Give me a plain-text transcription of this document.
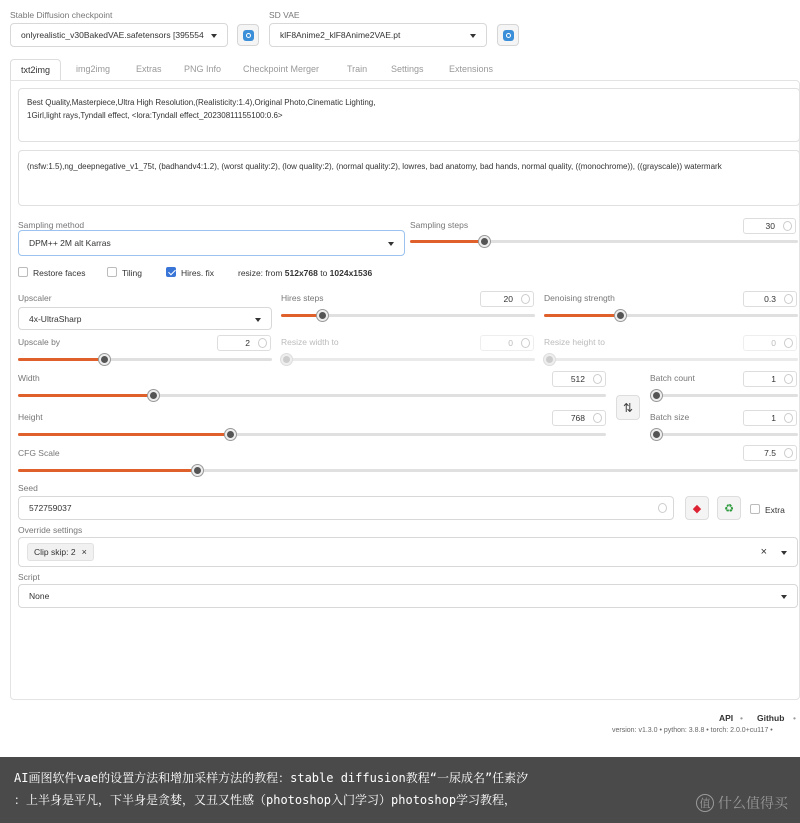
Stable Diffusion checkpoint
onlyrealistic_v30BakedVAE.safetensors [395554
SD VAE
klF8Anime2_klF8Anime2VAE.pt
txt2img	img2img	Extras PNG Info Checkpoint Merger	Train	Settings	Extensions
Best Quality,Masterpiece,Ultra High Resolution,(Realisticity:1.4),Original Photo,Cinematic Lighting,
1Girl,light rays,Tyndall effect, <lora:Tyndall effect_20230811155100:0.6>
(nsfw:1.5),ng_deepnegative_v1_75t, (badhandv4:1.2), (worst quality:2), (low quality:2), (normal quality:2), lowres, bad anatomy, bad hands, normal quality, ((monochrome)), ((grayscale)) watermark
Sampling method
DPM++ 2M alt Karras
Sampling steps	30
Restore faces	Tiling	Hires. fix	resize: from 512x768 to 1024x1536
Upscaler
4x-UltraSharp
Hires steps	20	Denoising strength	0.3
Upscale by	2	Resize width to	0	Resize height to	0
Width	512
Height	768
⇅
Batch count	1
Batch size	1
CFG Scale	7.5
Seed
572759037	◆ ♻	Extra
Override settings
Clip skip: 2 ×	×
Script
None
API • Github •
version: v1.3.0 • python: 3.8.8 • torch: 2.0.0+cu117 •
AI画图软件vae的设置方法和增加采样方法的教程：stable diffusion教程“一尿成名”任素汐
：上半身是平凡，下半身是贪婪，又丑又性感（photoshop入门学习）photoshop学习教程，	值 什么值得买
